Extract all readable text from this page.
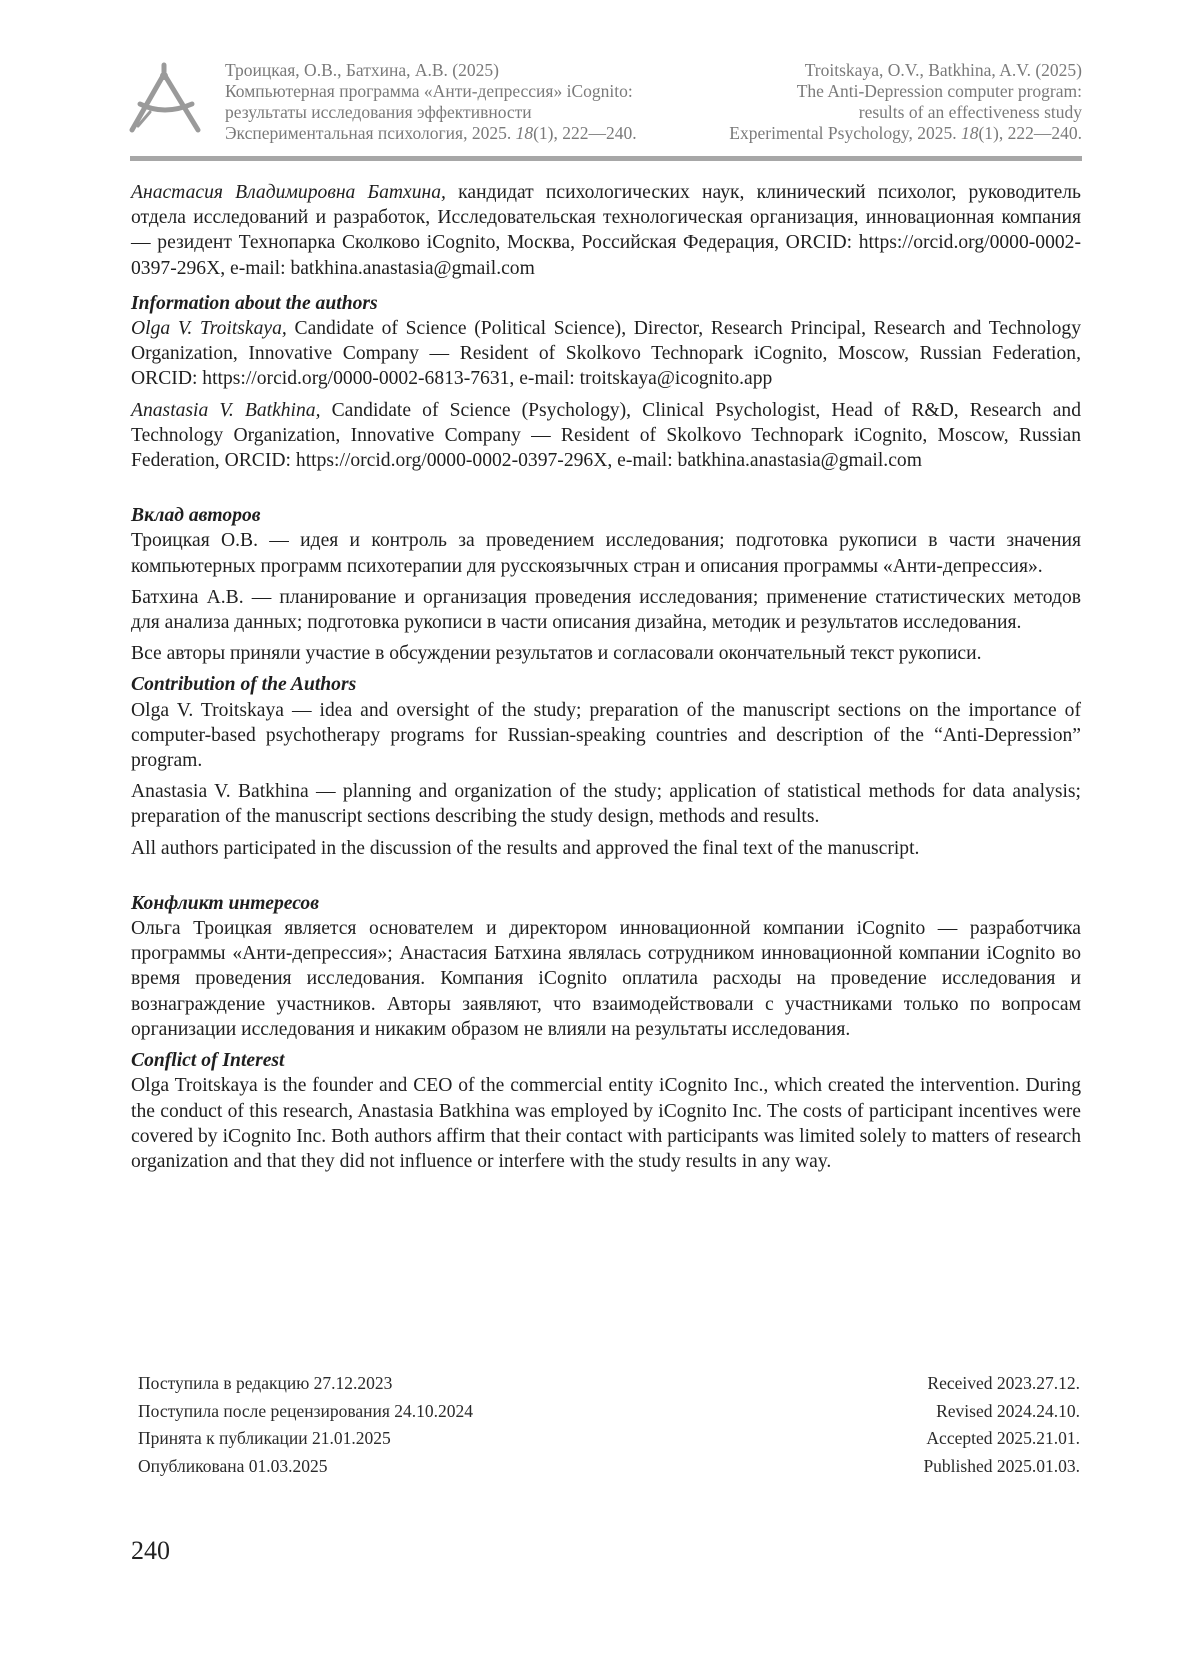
Троицкая, О.В., Батхина, А.В. (2025)
Компьютерная программа «Анти-депрессия» iCognito:
результаты исследования эффективности
Экспериментальная психология, 2025. 18(1), 222—240.
Troitskaya, O.V., Batkhina, A.V. (2025)
The Anti-Depression computer program:
results of an effectiveness study
Experimental Psychology, 2025. 18(1), 222—240.

Анастасия Владимировна Батхина, кандидат психологических наук, клинический психолог, руководитель отдела исследований и разработок, Исследовательская технологическая организация, инновационная компания — резидент Технопарка Сколково iCognito, Москва, Российская Федерация, ORCID: https://orcid.org/0000-0002-0397-296X, e-mail: batkhina.anastasia@gmail.com

Information about the authors

Olga V. Troitskaya, Candidate of Science (Political Science), Director, Research Principal, Research and Technology Organization, Innovative Company — Resident of Skolkovo Technopark iCognito, Moscow, Russian Federation, ORCID: https://orcid.org/0000-0002-6813-7631, e-mail: troitskaya@icognito.app

Anastasia V. Batkhina, Candidate of Science (Psychology), Clinical Psychologist, Head of R&D, Research and Technology Organization, Innovative Company — Resident of Skolkovo Technopark iCognito, Moscow, Russian Federation, ORCID: https://orcid.org/0000-0002-0397-296X, e-mail: batkhina.anastasia@gmail.com

Вклад авторов

Троицкая О.В. — идея и контроль за проведением исследования; подготовка рукописи в части значения компьютерных программ психотерапии для русскоязычных стран и описания программы «Анти-депрессия».

Батхина А.В. — планирование и организация проведения исследования; применение статистических методов для анализа данных; подготовка рукописи в части описания дизайна, методик и результатов исследования.

Все авторы приняли участие в обсуждении результатов и согласовали окончательный текст рукописи.

Contribution of the Authors

Olga V. Troitskaya — idea and oversight of the study; preparation of the manuscript sections on the importance of computer-based psychotherapy programs for Russian-speaking countries and description of the “Anti-Depression” program.

Anastasia V. Batkhina — planning and organization of the study; application of statistical methods for data analysis; preparation of the manuscript sections describing the study design, methods and results.

All authors participated in the discussion of the results and approved the final text of the manuscript.

Конфликт интересов

Ольга Троицкая является основателем и директором инновационной компании iCognito — разработчика программы «Анти-депрессия»; Анастасия Батхина являлась сотрудником инновационной компании iCognito во время проведения исследования. Компания iCognito оплатила расходы на проведение исследования и вознаграждение участников. Авторы заявляют, что взаимодействовали с участниками только по вопросам организации исследования и никаким образом не влияли на результаты исследования.

Conflict of Interest

Olga Troitskaya is the founder and CEO of the commercial entity iCognito Inc., which created the intervention. During the conduct of this research, Anastasia Batkhina was employed by iCognito Inc. The costs of participant incentives were covered by iCognito Inc. Both authors affirm that their contact with participants was limited solely to matters of research organization and that they did not influence or interfere with the study results in any way.

Поступила в редакцию 27.12.2023	Received 2023.27.12.
Поступила после рецензирования 24.10.2024	Revised 2024.24.10.
Принята к публикации 21.01.2025	Accepted 2025.21.01.
Опубликована 01.03.2025	Published 2025.01.03.
240
